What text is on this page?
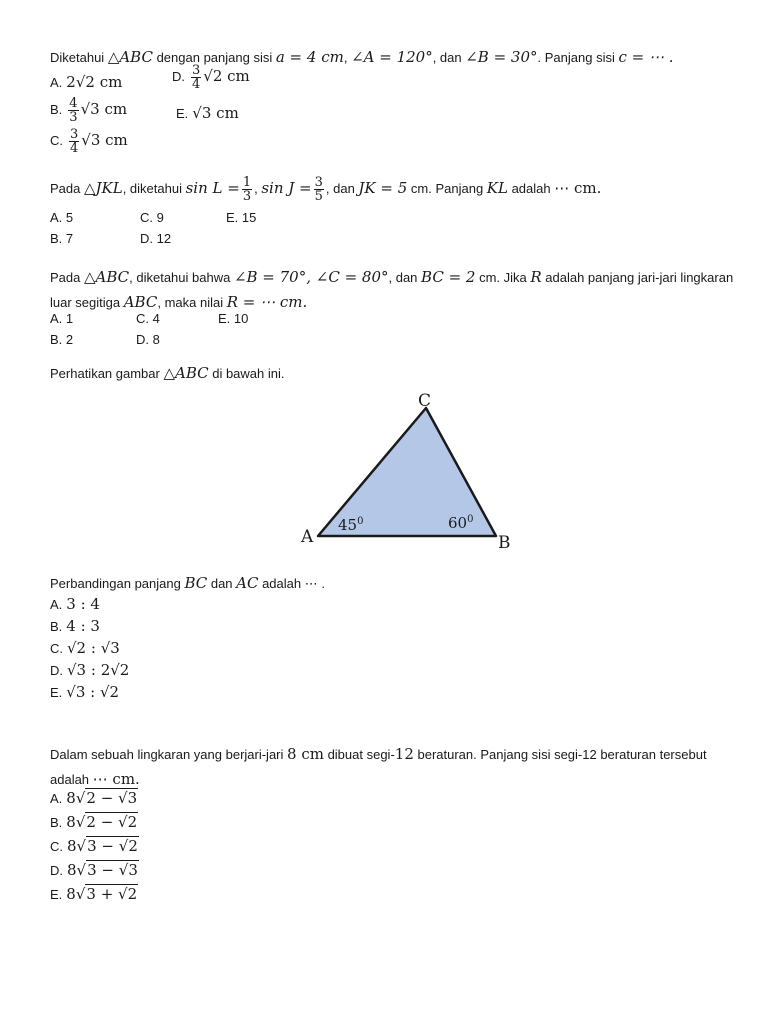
Diketahui △ABC dengan panjang sisi a = 4 cm, ∠A = 120°, dan ∠B = 30°. Panjang sisi c = ⋯ .
A. 2√2 cm	D. $\frac{3}{4} √2$ cm
B. $\frac{4}{3} √3$ cm	E. √3 cm
C. $\frac{3}{4} √3$ cm
Pada △JKL, diketahui $\sin L = \frac{1}{3}$ , $\sin J = \frac{3}{5}$ , dan JK = 5 cm. Panjang KL adalah ⋯ cm.
A. 5	C. 9	E. 15
B. 7	D. 12
Pada △ABC, diketahui bahwa ∠B = 70°, ∠C = 80°, dan BC = 2 cm. Jika R adalah panjang jari-jari lingkaran
luar segitiga ABC, maka nilai R = ⋯ cm.
A. 1	C. 4	E. 10
B. 2	D. 8
Perhatikan gambar △ABC di bawah ini.
C
A	B
$45^0$	$60^0$
Perbandingan panjang BC dan AC adalah ⋯ .
A. 3 : 4
B. 4 : 3
C. √2 : √3
D. √3 : 2√2
E. √3 : √2
Dalam sebuah lingkaran yang berjari-jari 8 cm dibuat segi-12 beraturan. Panjang sisi segi-12 beraturan tersebut
adalah ⋯ cm.
A. 8√2 − √3
B. 8√2 − √2
C. 8√3 − √2
D. 8√3 − √3
E. 8√3 + √2
